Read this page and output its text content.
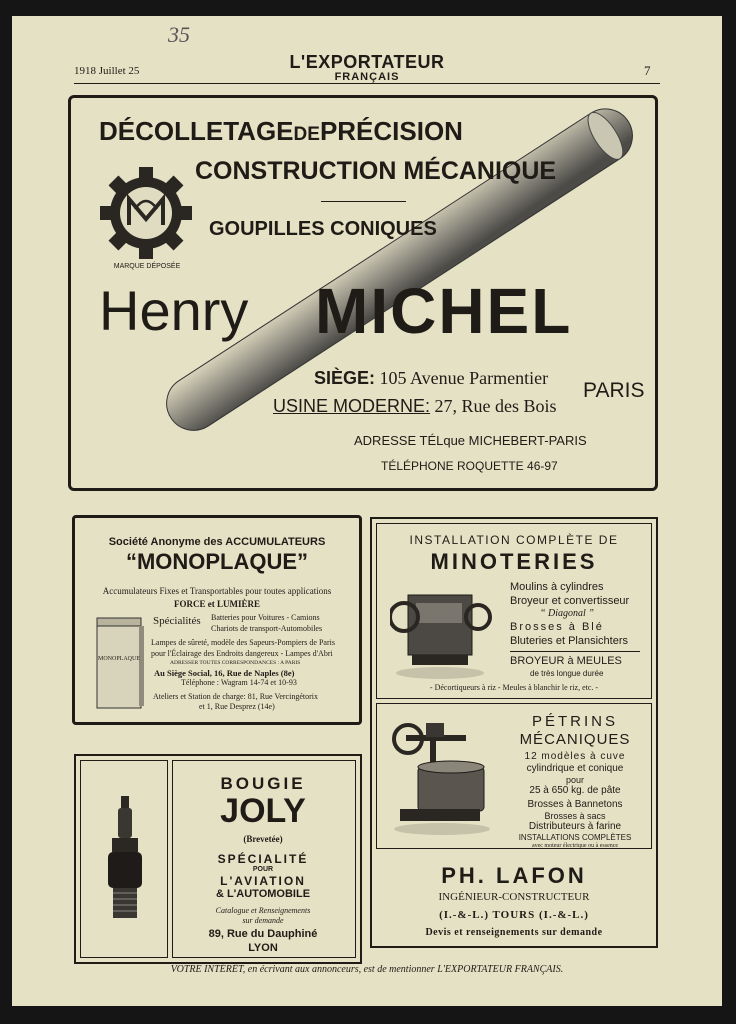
35
1918 Juillet 25	L'EXPORTATEUR
FRANÇAIS	7
MARQUE DÉPOSÉE
DÉCOLLETAGEDEPRÉCISION
CONSTRUCTION MÉCANIQUE
GOUPILLES CONIQUES
Henry MICHEL
SIÈGE: 105 Avenue Parmentier
USINE MODERNE: 27, Rue des Bois
PARIS
ADRESSE TÉLque MICHEBERT-PARIS
TÉLÉPHONE ROQUETTE 46-97
Société Anonyme des ACCUMULATEURS
“MONOPLAQUE”
Accumulateurs Fixes et Transportables pour toutes applications
FORCE et LUMIÈRE
MONOPLAQUE
Spécialités Batteries pour Voitures - Camions
Chariots de transport-Automobiles
Lampes de sûreté, modèle des Sapeurs-Pompiers de Paris
pour l'Éclairage des Endroits dangereux - Lampes d'Abri
ADRESSER TOUTES CORRESPONDANCES : A PARIS
Au Siège Social, 16, Rue de Naples (8e)
Téléphone : Wagram 14-74 et 10-93
Ateliers et Station de charge: 81, Rue Vercingétorix
et 1, Rue Desprez (14e)
BOUGIE
JOLY
(Brevetée)
SPÉCIALITÉ
POUR
L'AVIATION
& L'AUTOMOBILE
Catalogue et Renseignements
sur demande
89, Rue du Dauphiné
LYON
INSTALLATION COMPLÈTE DE
MINOTERIES
Moulins à cylindres
Broyeur et convertisseur
“ Diagonal ”
Brosses à Blé
Bluteries et Plansichters
BROYEUR à MEULES
de très longue durée
- Décortiqueurs à riz - Meules à blanchir le riz, etc. -
PÉTRINS
MÉCANIQUES
12 modèles à cuve
cylindrique et conique
pour
25 à 650 kg. de pâte
Brosses à Bannetons
Brosses à sacs
Distributeurs à farine
INSTALLATIONS COMPLÈTES
avec moteur électrique ou à essence
PH. LAFON
INGÉNIEUR-CONSTRUCTEUR
(I.-&-L.) TOURS (I.-&-L.)
Devis et renseignements sur demande
VOTRE INTÉRÊT, en écrivant aux annonceurs, est de mentionner L'EXPORTATEUR FRANÇAIS.
